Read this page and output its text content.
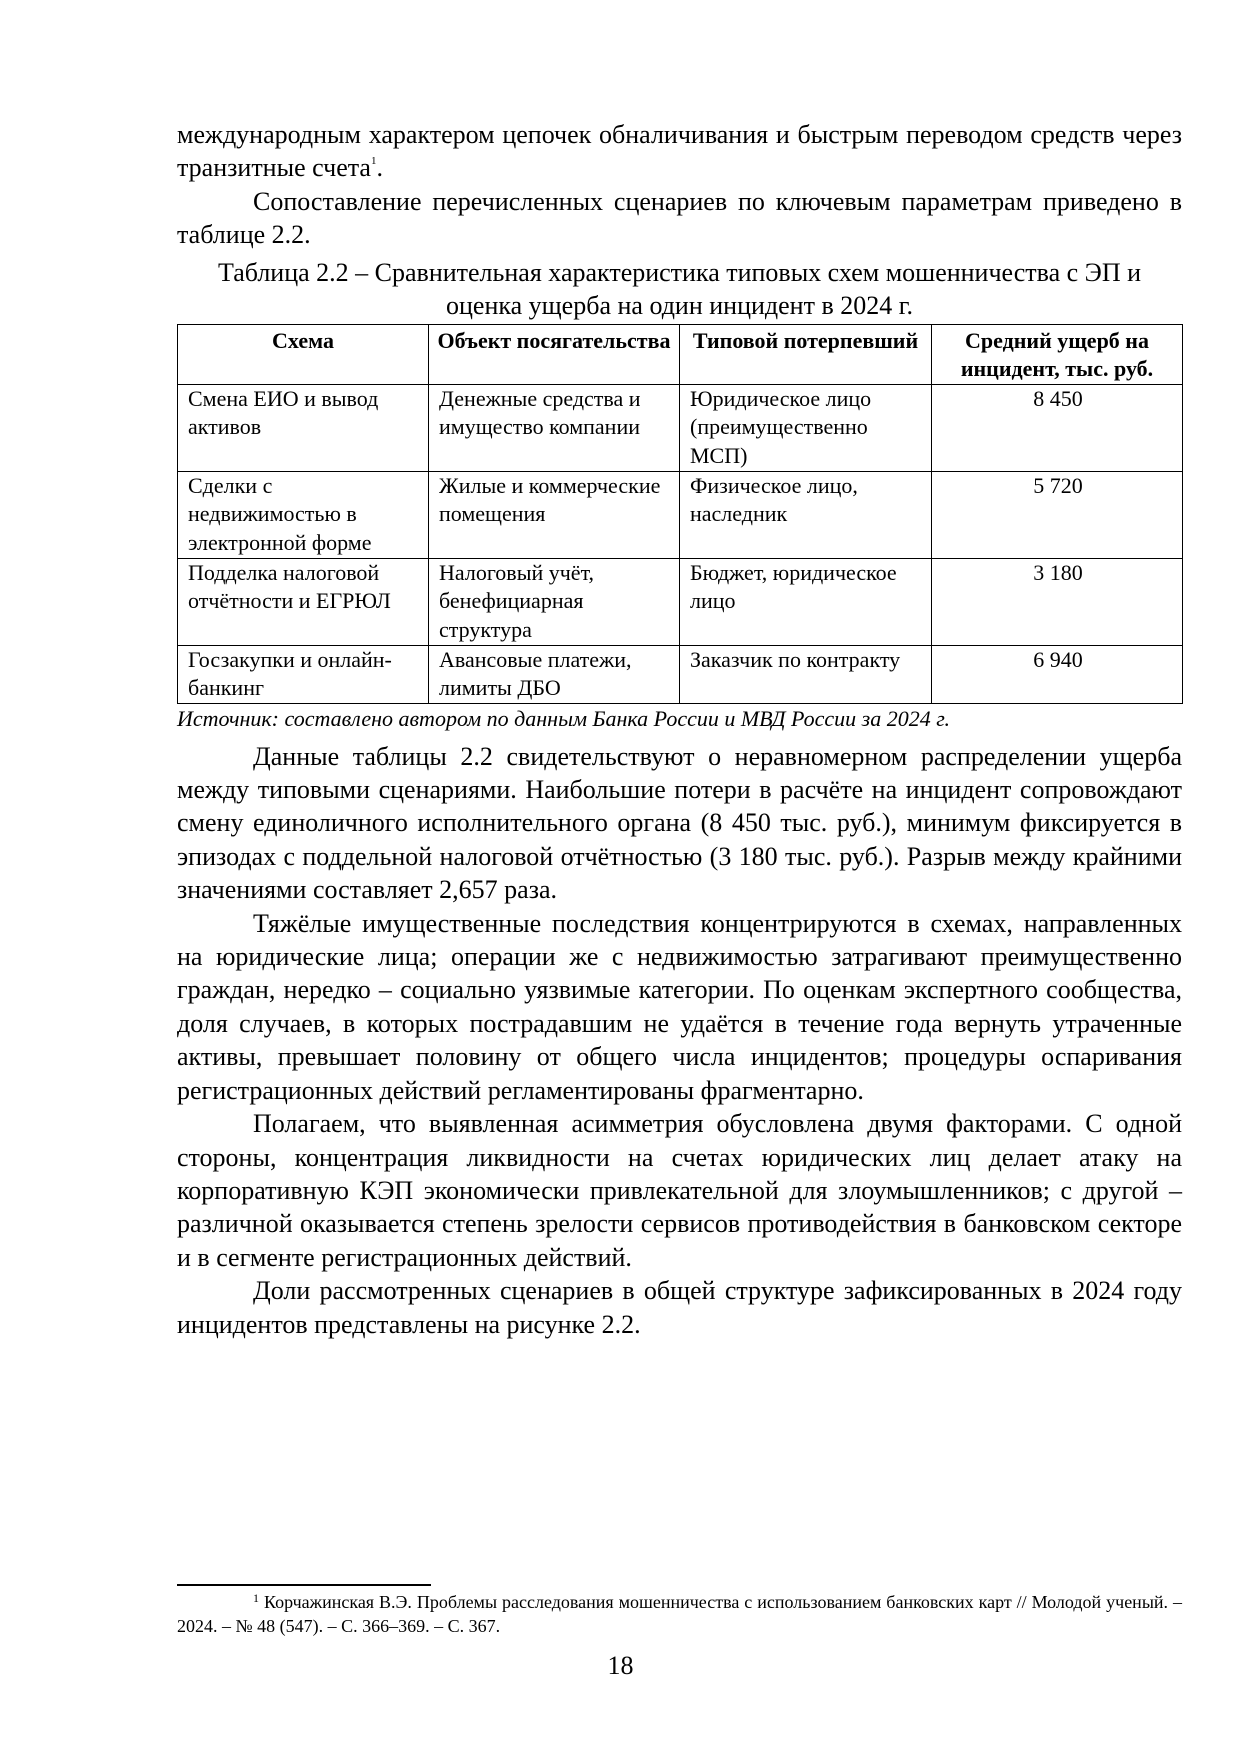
международным характером цепочек обналичивания и быстрым переводом средств через транзитные счета$^1$.

Сопоставление перечисленных сценариев по ключевым параметрам приведено в таблице 2.2.

Таблица 2.2 – Сравнительная характеристика типовых схем мошенничества с ЭП и оценка ущерба на один инцидент в 2024 г.
Схема	Объект посягательства	Типовой потерпевший	Средний ущерб на инцидент, тыс. руб.
Смена ЕИО и вывод активов	Денежные средства и имущество компании	Юридическое лицо (преимущественно МСП)	8 450
Сделки с недвижимостью в электронной форме	Жилые и коммерческие помещения	Физическое лицо, наследник	5 720
Подделка налоговой отчётности и ЕГРЮЛ	Налоговый учёт, бенефициарная структура	Бюджет, юридическое лицо	3 180
Госзакупки и онлайн-банкинг	Авансовые платежи, лимиты ДБО	Заказчик по контракту	6 940

Источник: составлено автором по данным Банка России и МВД России за 2024 г.

Данные таблицы 2.2 свидетельствуют о неравномерном распределении ущерба между типовыми сценариями. Наибольшие потери в расчёте на инцидент сопровождают смену единоличного исполнительного органа (8 450 тыс. руб.), минимум фиксируется в эпизодах с поддельной налоговой отчётностью (3 180 тыс. руб.). Разрыв между крайними значениями составляет 2,657 раза.

Тяжёлые имущественные последствия концентрируются в схемах, направленных на юридические лица; операции же с недвижимостью затрагивают преимущественно граждан, нередко – социально уязвимые категории. По оценкам экспертного сообщества, доля случаев, в которых пострадавшим не удаётся в течение года вернуть утраченные активы, превышает половину от общего числа инцидентов; процедуры оспаривания регистрационных действий регламентированы фрагментарно.

Полагаем, что выявленная асимметрия обусловлена двумя факторами. С одной стороны, концентрация ликвидности на счетах юридических лиц делает атаку на корпоративную КЭП экономически привлекательной для злоумышленников; с другой – различной оказывается степень зрелости сервисов противодействия в банковском секторе и в сегменте регистрационных действий.

Доли рассмотренных сценариев в общей структуре зафиксированных в 2024 году инцидентов представлены на рисунке 2.2.

$^1$ Корчажинская В.Э. Проблемы расследования мошенничества с использованием банковских карт // Молодой ученый. – 2024. – № 48 (547). – С. 366–369. – С. 367.

18
